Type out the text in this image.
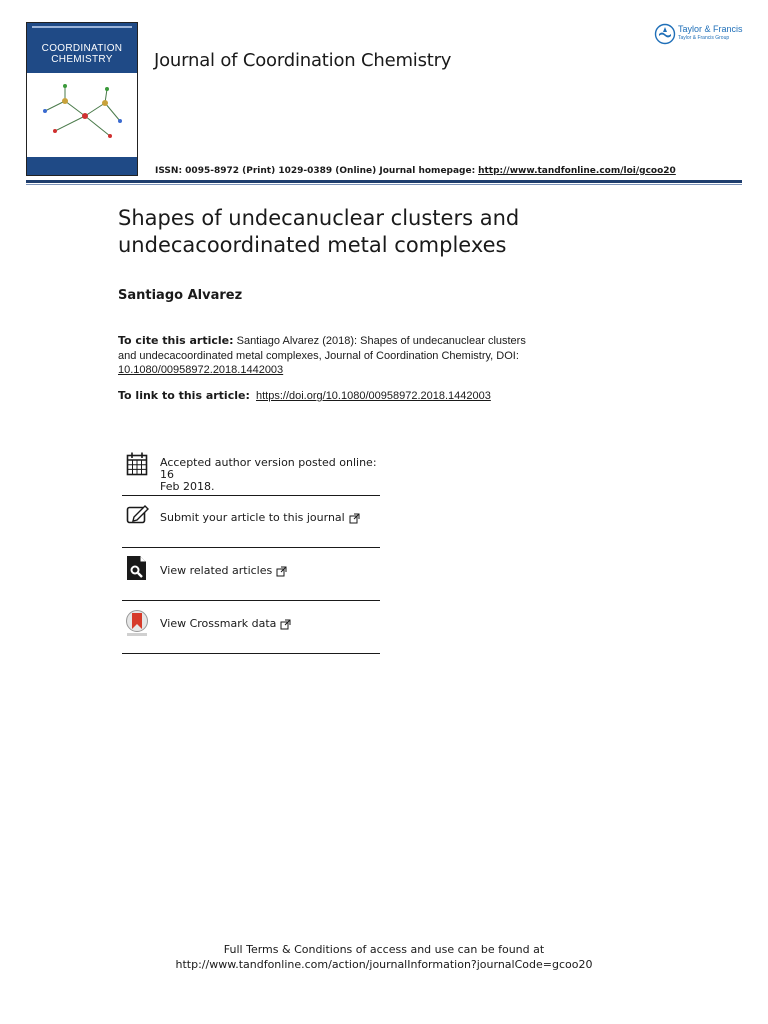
COORDINATION
CHEMISTRY	Journal of Coordination Chemistry
ISSN: 0095-8972 (Print) 1029-0389 (Online) Journal homepage: http://www.tandfonline.com/loi/gcoo20
Taylor & Francis
Taylor & Francis Group
Shapes of undecanuclear clusters and
undecacoordinated metal complexes
Santiago Alvarez
To cite this article: Santiago Alvarez (2018): Shapes of undecanuclear clusters
and undecacoordinated metal complexes, Journal of Coordination Chemistry, DOI:
10.1080/00958972.2018.1442003
To link to this article: https://doi.org/10.1080/00958972.2018.1442003
Accepted author version posted online: 16
Feb 2018.
Submit your article to this journal
View related articles
View Crossmark data
Full Terms & Conditions of access and use can be found at
http://www.tandfonline.com/action/journalInformation?journalCode=gcoo20
